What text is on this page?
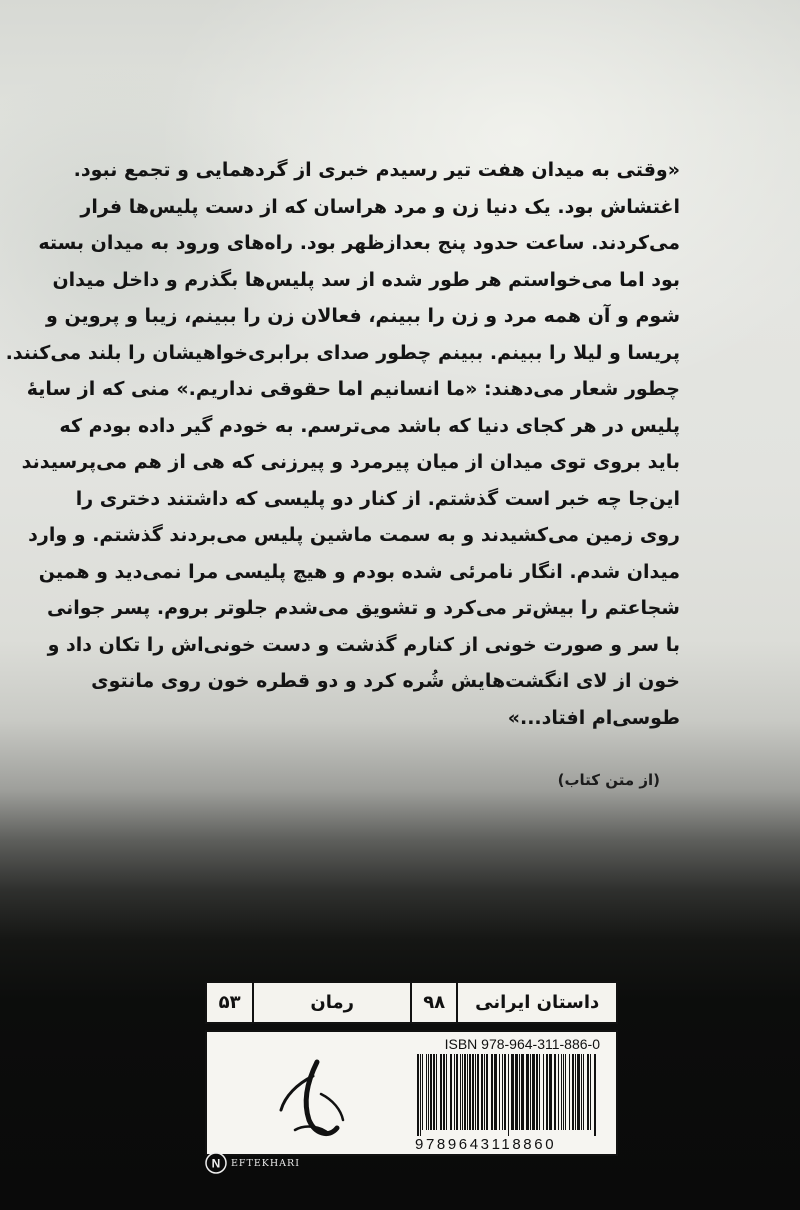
«وقتی به میدان هفت تیر رسیدم خبری از گردهمایی و تجمع نبود.
اغتشاش بود. یک دنیا زن و مرد هراسان که از دست پلیس‌ها فرار
می‌کردند. ساعت حدود پنج بعدازظهر بود. راه‌های ورود به میدان بسته
بود اما می‌خواستم هر طور شده از سد پلیس‌ها بگذرم و داخل میدان
شوم و آن همه مرد و زن را ببینم، فعالان زن را ببینم، زیبا و پروین و
پریسا و لیلا را ببینم. ببینم چطور صدای برابری‌خواهیشان را بلند می‌کنند.
چطور شعار می‌دهند: «ما انسانیم اما حقوقی نداریم.» منی که از سایهٔ
پلیس در هر کجای دنیا که باشد می‌ترسم. به خودم گیر داده بودم که
باید بروی توی میدان از میان پیرمرد و پیرزنی که هی از هم می‌پرسیدند
این‌جا چه خبر است گذشتم. از کنار دو پلیسی که داشتند دختری را
روی زمین می‌کشیدند و به سمت ماشین پلیس می‌بردند گذشتم. و وارد
میدان شدم. انگار نامرئی شده بودم و هیچ پلیسی مرا نمی‌دید و همین
شجاعتم را بیش‌تر می‌کرد و تشویق می‌شدم جلوتر بروم. پسر جوانی
با سر و صورت خونی از کنارم گذشت و دست خونی‌اش را تکان داد و
خون از لای انگشت‌هایش شُره کرد و دو قطره خون روی مانتوی
طوسی‌ام افتاد...»
(از متن کتاب)
داستان ایرانی
۹۸
رمان
۵۳
ISBN 978-964-311-886-0
9789643118860
N EFTEKHARI
